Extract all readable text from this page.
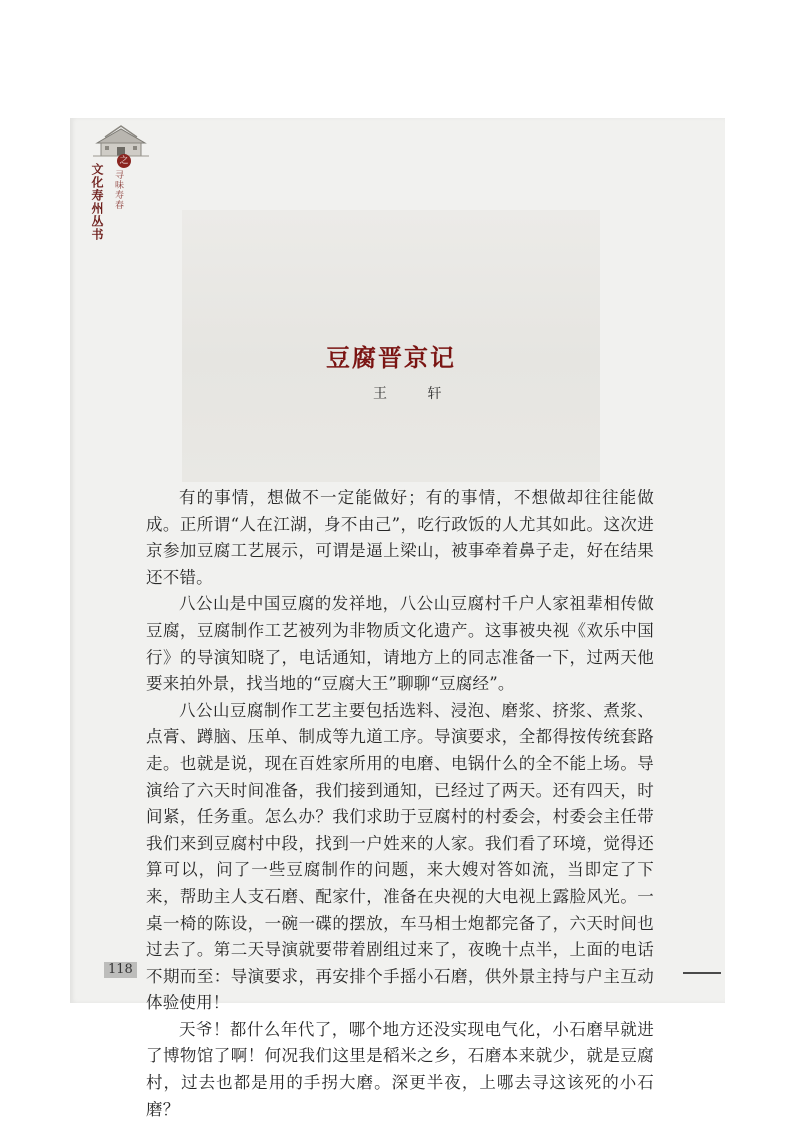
之
文化寿州丛书 寻味寿春
豆腐晋京记
王 轩

有的事情，想做不一定能做好；有的事情，不想做却往往能做成。正所谓“人在江湖，身不由己”，吃行政饭的人尤其如此。这次进京参加豆腐工艺展示，可谓是逼上梁山，被事牵着鼻子走，好在结果还不错。

八公山是中国豆腐的发祥地，八公山豆腐村千户人家祖辈相传做豆腐，豆腐制作工艺被列为非物质文化遗产。这事被央视《欢乐中国行》的导演知晓了，电话通知，请地方上的同志准备一下，过两天他要来拍外景，找当地的“豆腐大王”聊聊“豆腐经”。

八公山豆腐制作工艺主要包括选料、浸泡、磨浆、挤浆、煮浆、点膏、蹲脑、压单、制成等九道工序。导演要求，全都得按传统套路走。也就是说，现在百姓家所用的电磨、电锅什么的全不能上场。导演给了六天时间准备，我们接到通知，已经过了两天。还有四天，时间紧，任务重。怎么办？我们求助于豆腐村的村委会，村委会主任带我们来到豆腐村中段，找到一户姓来的人家。我们看了环境，觉得还算可以，问了一些豆腐制作的问题，来大嫂对答如流，当即定了下来，帮助主人支石磨、配家什，准备在央视的大电视上露脸风光。一桌一椅的陈设，一碗一碟的摆放，车马相士炮都完备了，六天时间也过去了。第二天导演就要带着剧组过来了，夜晚十点半，上面的电话不期而至：导演要求，再安排个手摇小石磨，供外景主持与户主互动体验使用！

天爷！都什么年代了，哪个地方还没实现电气化，小石磨早就进了博物馆了啊！何况我们这里是稻米之乡，石磨本来就少，就是豆腐村，过去也都是用的手拐大磨。深更半夜，上哪去寻这该死的小石磨？

118
